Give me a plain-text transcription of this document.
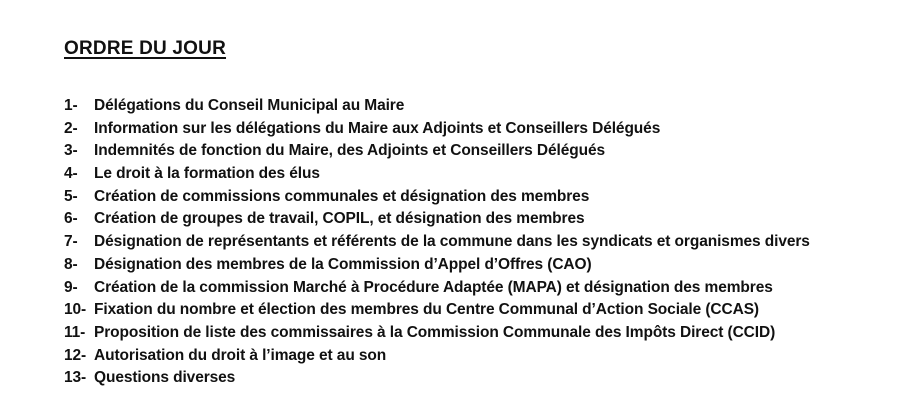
ORDRE DU JOUR
1-	Délégations du Conseil Municipal au Maire
2-	Information sur les délégations du Maire aux Adjoints et Conseillers Délégués
3-	Indemnités de fonction du Maire, des Adjoints et Conseillers Délégués
4-	Le droit à la formation des élus
5-	Création de commissions communales et désignation des membres
6-	Création de groupes de travail, COPIL, et désignation des membres
7-	Désignation de représentants et référents de la commune dans les syndicats et organismes divers
8-	Désignation des membres de la Commission d’Appel d’Offres (CAO)
9-	Création de la commission Marché à Procédure Adaptée (MAPA) et désignation des membres
10- Fixation du nombre et élection des membres du Centre Communal d’Action Sociale (CCAS)
11- Proposition de liste des commissaires à la Commission Communale des Impôts Direct (CCID)
12- Autorisation du droit à l’image et au son
13- Questions diverses
